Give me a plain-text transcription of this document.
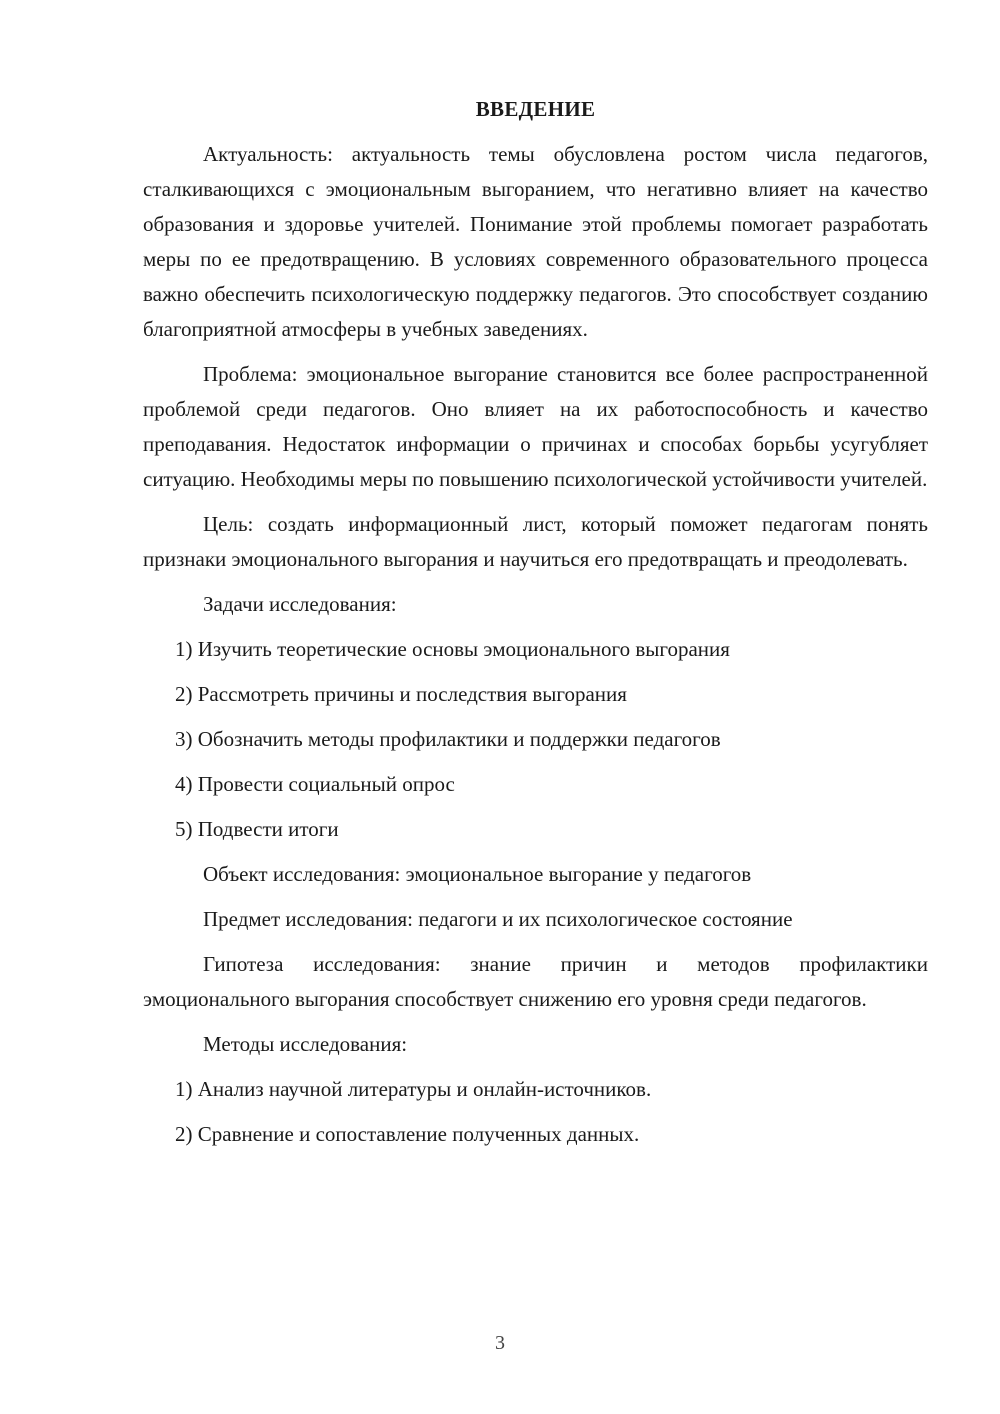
ВВЕДЕНИЕ

Актуальность: актуальность темы обусловлена ростом числа педагогов, сталкивающихся с эмоциональным выгоранием, что негативно влияет на качество образования и здоровье учителей. Понимание этой проблемы помогает разработать меры по ее предотвращению. В условиях современного образовательного процесса важно обеспечить психологическую поддержку педагогов. Это способствует созданию благоприятной атмосферы в учебных заведениях.

Проблема: эмоциональное выгорание становится все более распространенной проблемой среди педагогов. Оно влияет на их работоспособность и качество преподавания. Недостаток информации о причинах и способах борьбы усугубляет ситуацию. Необходимы меры по повышению психологической устойчивости учителей.

Цель: создать информационный лист, который поможет педагогам понять признаки эмоционального выгорания и научиться его предотвращать и преодолевать.

Задачи исследования:
1) Изучить теоретические основы эмоционального выгорания
2) Рассмотреть причины и последствия выгорания
3) Обозначить методы профилактики и поддержки педагогов
4) Провести социальный опрос
5) Подвести итоги
Объект исследования: эмоциональное выгорание у педагогов
Предмет исследования: педагоги и их психологическое состояние

Гипотеза исследования: знание причин и методов профилактики эмоционального выгорания способствует снижению его уровня среди педагогов.

Методы исследования:
1) Анализ научной литературы и онлайн-источников.
2) Сравнение и сопоставление полученных данных.
3
